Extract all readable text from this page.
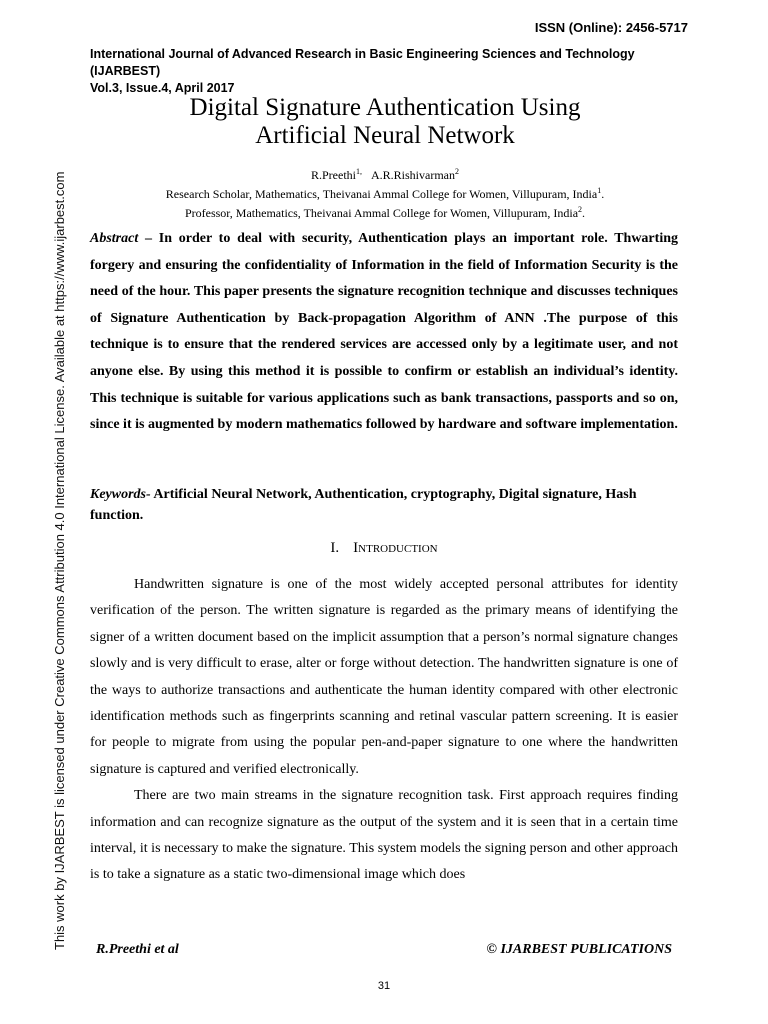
ISSN (Online): 2456-5717
International Journal of Advanced Research in Basic Engineering Sciences and Technology (IJARBEST)
Vol.3, Issue.4, April 2017
This work by IJARBEST is licensed under Creative Commons Attribution 4.0 International License. Available at https://www.ijarbest.com
Digital Signature Authentication Using
Artificial Neural Network
R.Preethi$^{1,}$ A.R.Rishivarman$^2$
Research Scholar, Mathematics, Theivanai Ammal College for Women, Villupuram, India$^1$.
Professor, Mathematics, Theivanai Ammal College for Women, Villupuram, India$^2$.
Abstract – In order to deal with security, Authentication plays an important role. Thwarting forgery and ensuring the confidentiality of Information in the field of Information Security is the need of the hour. This paper presents the signature recognition technique and discusses techniques of Signature Authentication by Back-propagation Algorithm of ANN .The purpose of this technique is to ensure that the rendered services are accessed only by a legitimate user, and not anyone else. By using this method it is possible to confirm or establish an individual’s identity. This technique is suitable for various applications such as bank transactions, passports and so on, since it is augmented by modern mathematics followed by hardware and software implementation.
Keywords- Artificial Neural Network, Authentication, cryptography, Digital signature, Hash function.
I. Introduction

Handwritten signature is one of the most widely accepted personal attributes for identity verification of the person. The written signature is regarded as the primary means of identifying the signer of a written document based on the implicit assumption that a person’s normal signature changes slowly and is very difficult to erase, alter or forge without detection. The handwritten signature is one of the ways to authorize transactions and authenticate the human identity compared with other electronic identification methods such as fingerprints scanning and retinal vascular pattern screening. It is easier for people to migrate from using the popular pen-and-paper signature to one where the handwritten signature is captured and verified electronically.

There are two main streams in the signature recognition task. First approach requires finding information and can recognize signature as the output of the system and it is seen that in a certain time interval, it is necessary to make the signature. This system models the signing person and other approach is to take a signature as a static two-dimensional image which does

R.Preethi et al	© IJARBEST PUBLICATIONS
31
